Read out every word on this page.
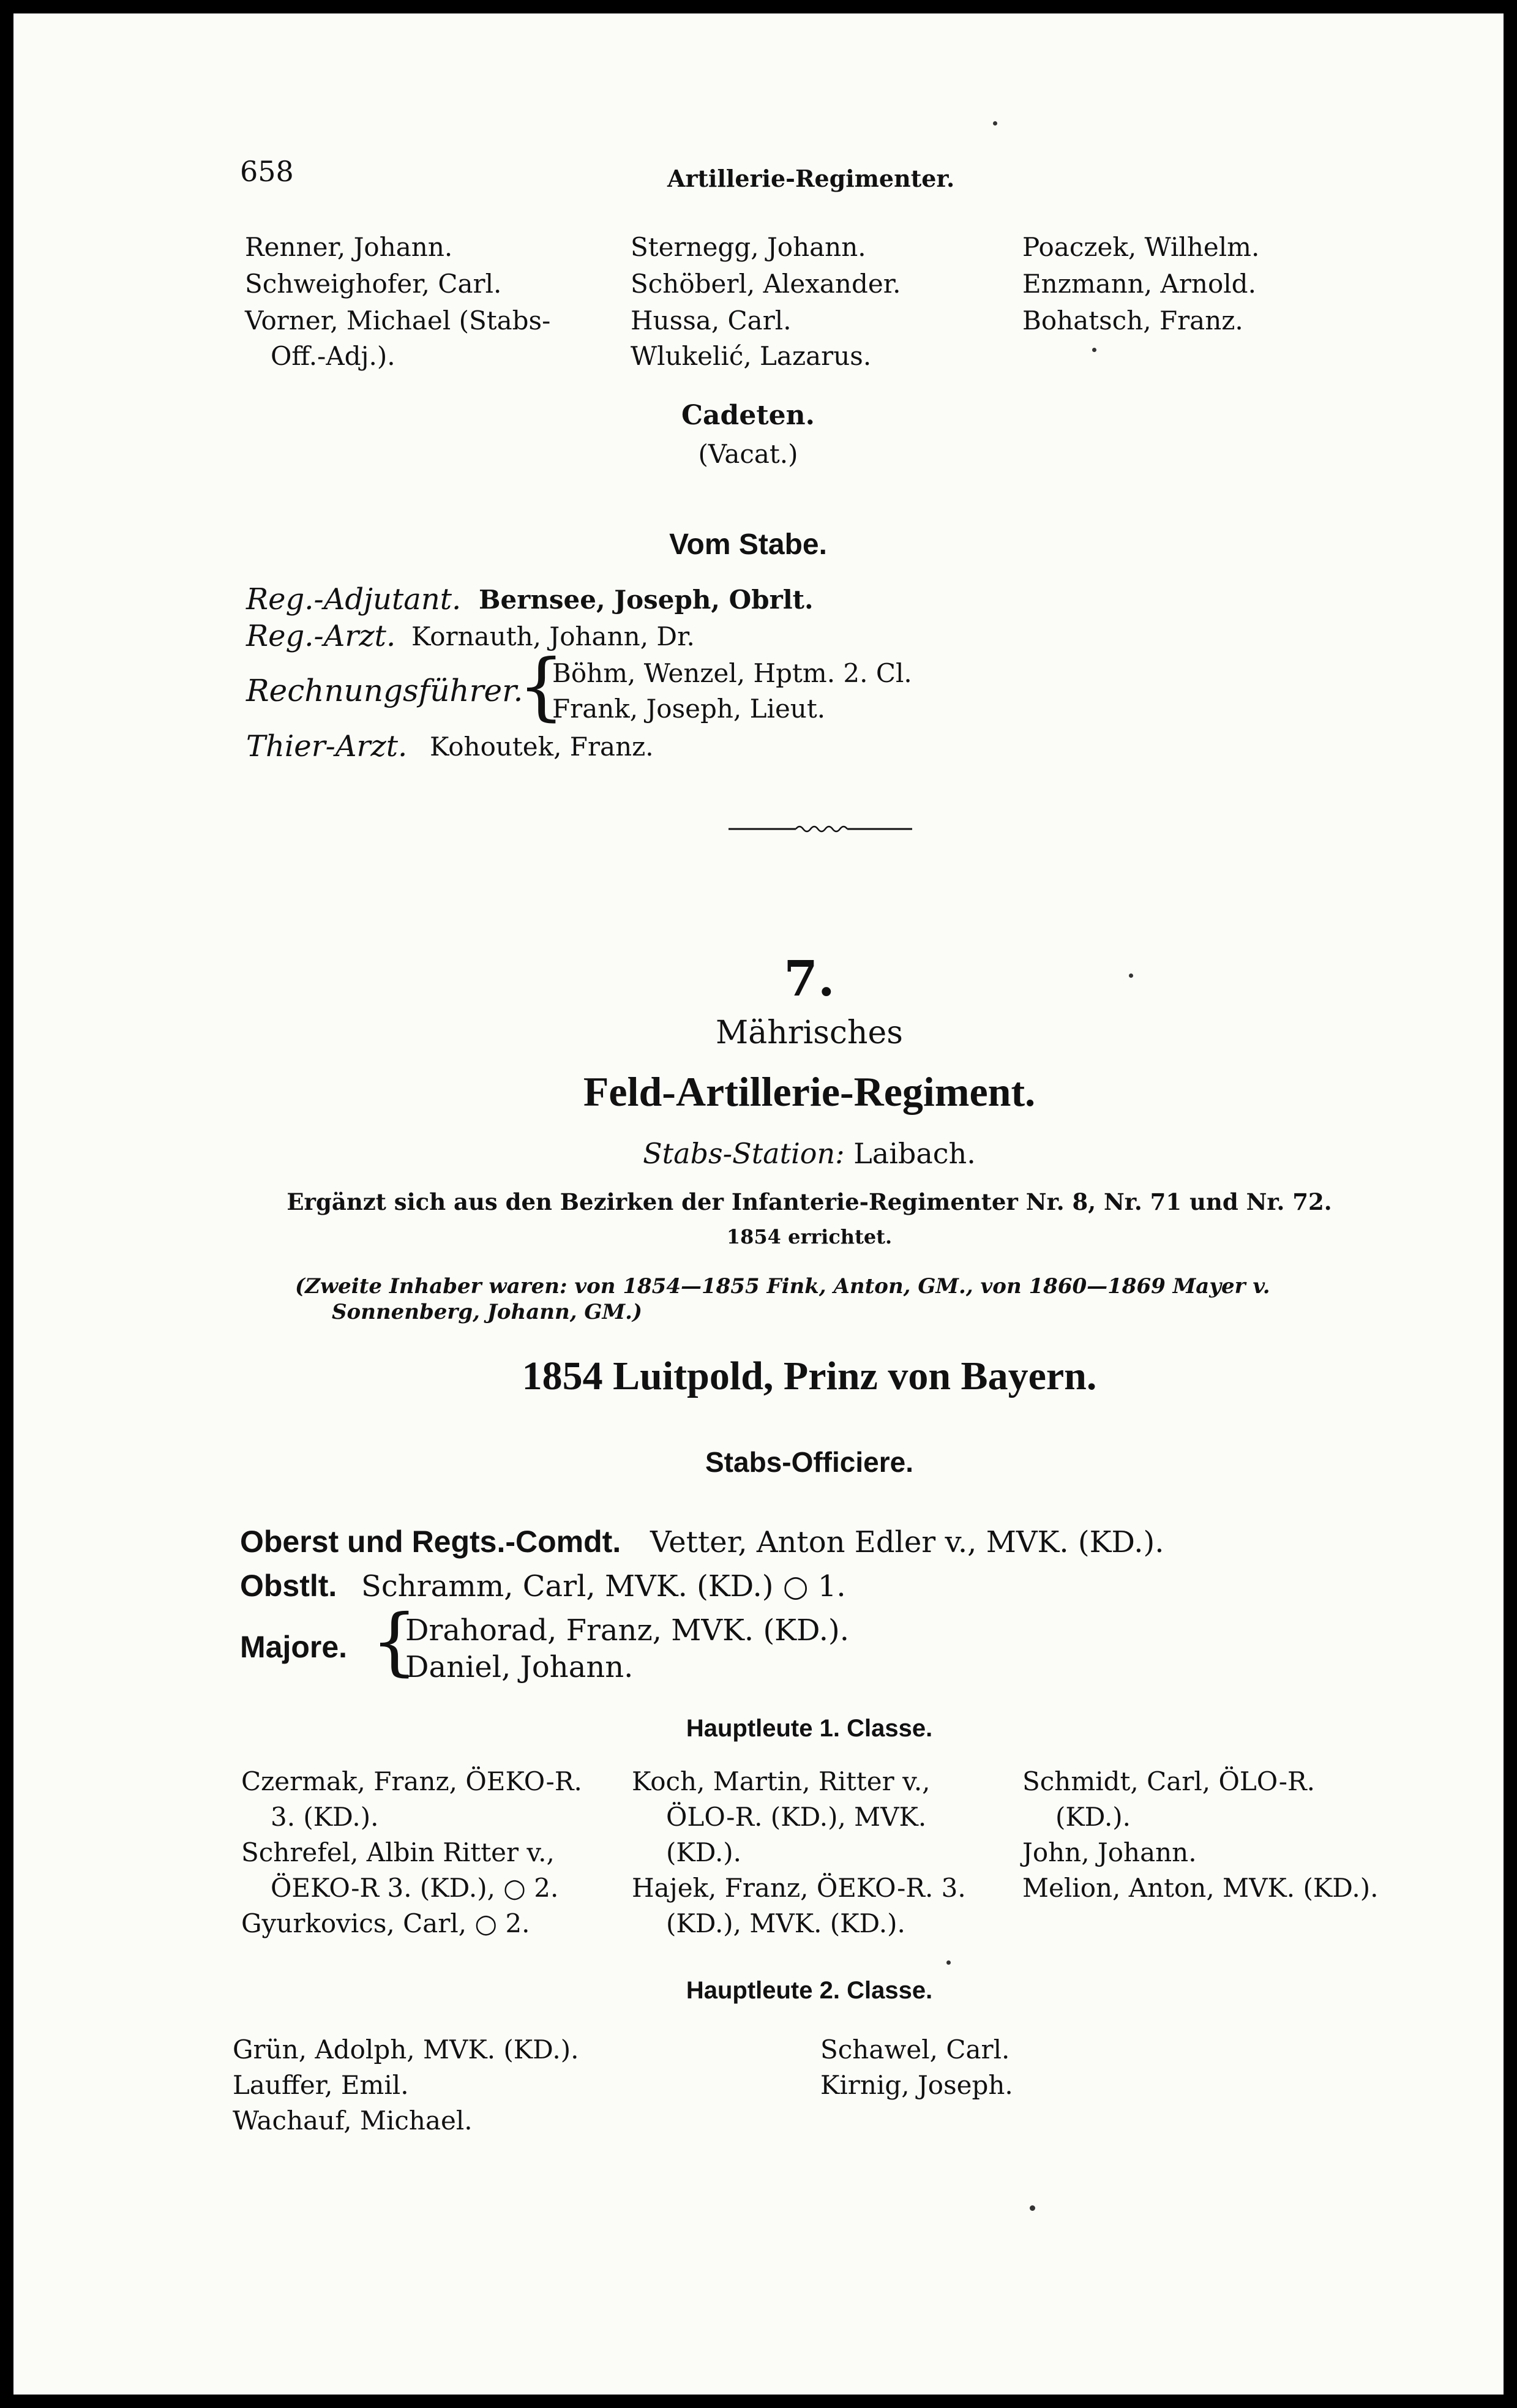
658	Artillerie-Regimenter.
Renner, Johann.
Schweighofer, Carl.
Vorner, Michael (Stabs-
Off.-Adj.).
Sternegg, Johann.
Schöberl, Alexander.
Hussa, Carl.
Wlukelić, Lazarus.
Poaczek, Wilhelm.
Enzmann, Arnold.
Bohatsch, Franz.
Cadeten.
(Vacat.)
Vom Stabe.
Reg.-Adjutant. Bernsee, Joseph, Obrlt.
Reg.-Arzt. Kornauth, Johann, Dr.
Rechnungsführer.
{
Böhm, Wenzel, Hptm. 2. Cl.
Frank, Joseph, Lieut.
Thier-Arzt. Kohoutek, Franz.
7.
Mährisches
Feld-Artillerie-Regiment.
Stabs-Station: Laibach.
Ergänzt sich aus den Bezirken der Infanterie-Regimenter Nr. 8, Nr. 71 und Nr. 72.
1854 errichtet.
(Zweite Inhaber waren: von 1854—1855 Fink, Anton, GM., von 1860—1869 Mayer v.
Sonnenberg, Johann, GM.)
1854 Luitpold, Prinz von Bayern.
Stabs-Officiere.
Oberst und Regts.-Comdt. Vetter, Anton Edler v., MVK. (KD.).
Obstlt. Schramm, Carl, MVK. (KD.) ○ 1.
Majore. {
Drahorad, Franz, MVK. (KD.).
Daniel, Johann.
Hauptleute 1. Classe.
Czermak, Franz, ÖEKO-R.
3. (KD.).
Schrefel, Albin Ritter v.,
ÖEKO-R 3. (KD.), ○ 2.
Gyurkovics, Carl, ○ 2.
Koch, Martin, Ritter v.,
ÖLO-R. (KD.), MVK.
(KD.).
Hajek, Franz, ÖEKO-R. 3.
(KD.), MVK. (KD.).
Schmidt, Carl, ÖLO-R.
(KD.).
John, Johann.
Melion, Anton, MVK. (KD.).
Hauptleute 2. Classe.
Grün, Adolph, MVK. (KD.).
Lauffer, Emil.
Wachauf, Michael.
Schawel, Carl.
Kirnig, Joseph.
